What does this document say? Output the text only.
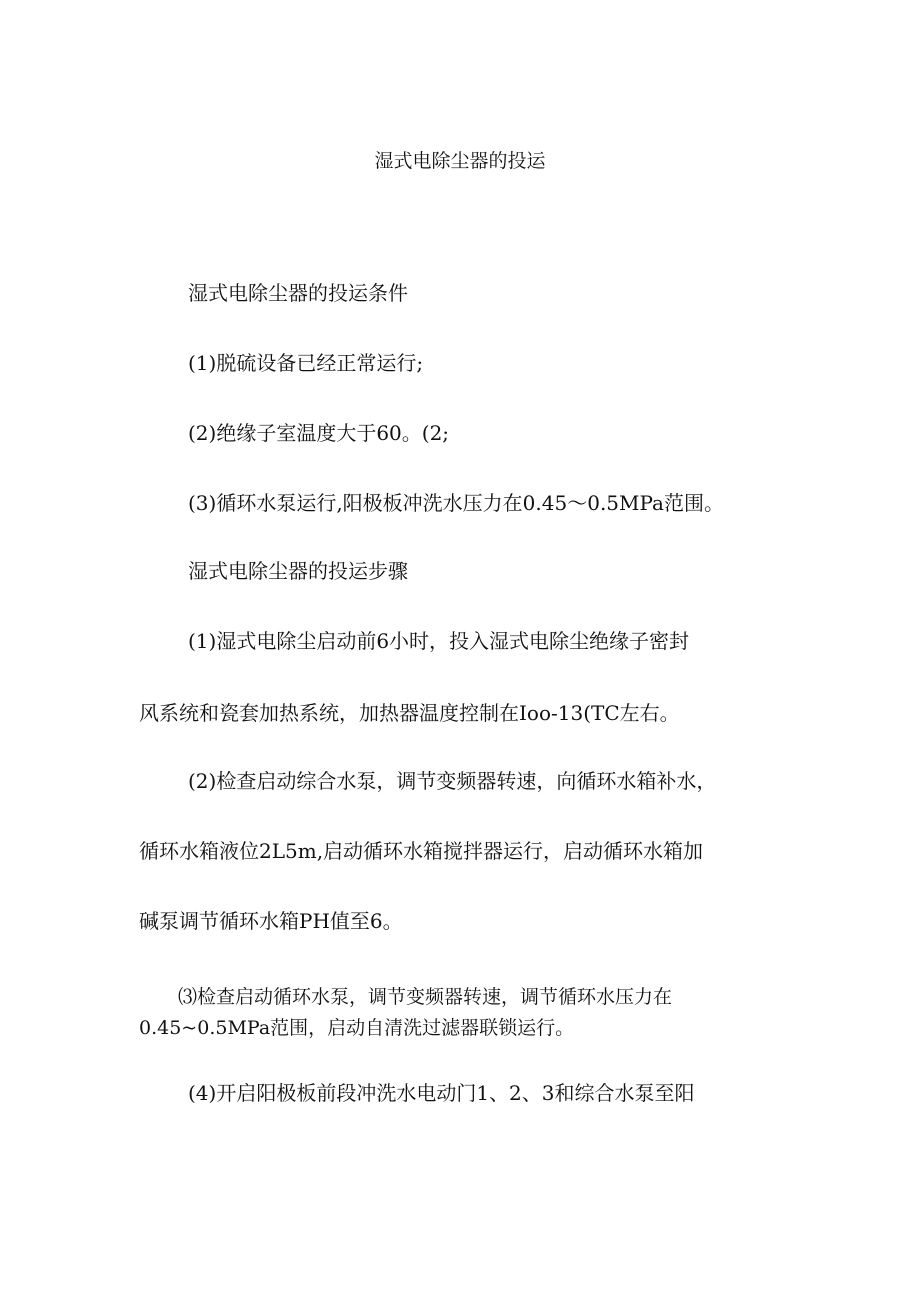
湿式电除尘器的投运
湿式电除尘器的投运条件
(1)脱硫设备已经正常运行;
(2)绝缘子室温度大于60。(2;
(3)循环水泵运行,阳极板冲洗水压力在0.45～0.5MPa范围。
湿式电除尘器的投运步骤
(1)湿式电除尘启动前6小时，投入湿式电除尘绝缘子密封
风系统和瓷套加热系统，加热器温度控制在Ioo-13(TC左右。
(2)检查启动综合水泵，调节变频器转速，向循环水箱补水，
循环水箱液位2L5m,启动循环水箱搅拌器运行，启动循环水箱加
碱泵调节循环水箱PH值至6。
⑶检查启动循环水泵，调节变频器转速，调节循环水压力在
0.45~0.5MPa范围，启动自清洗过滤器联锁运行。
(4)开启阳极板前段冲洗水电动门1、2、3和综合水泵至阳
